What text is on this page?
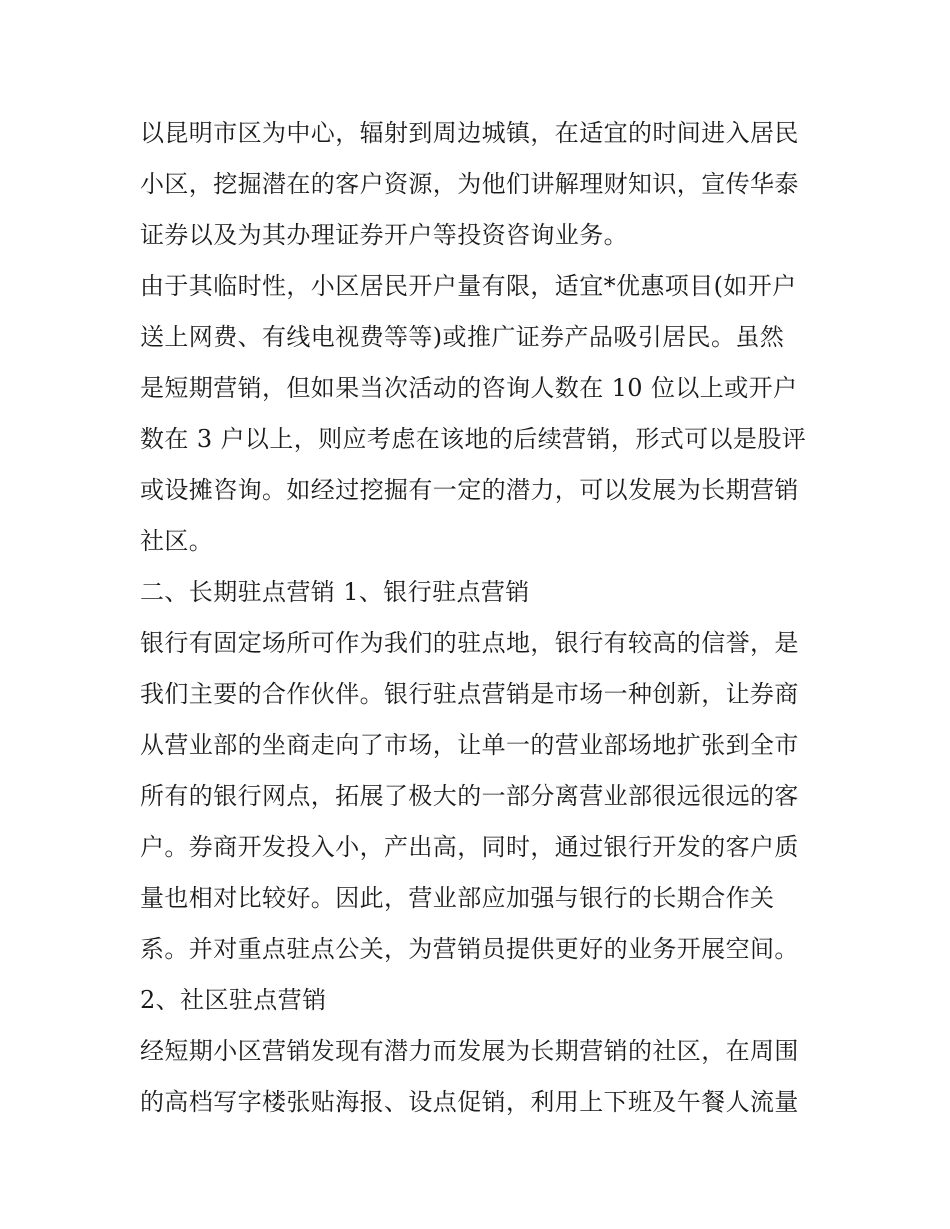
以昆明市区为中心，辐射到周边城镇，在适宜的时间进入居民
小区，挖掘潜在的客户资源，为他们讲解理财知识，宣传华泰
证券以及为其办理证券开户等投资咨询业务。
由于其临时性，小区居民开户量有限，适宜*优惠项目(如开户
送上网费、有线电视费等等)或推广证券产品吸引居民。虽然
是短期营销，但如果当次活动的咨询人数在 10 位以上或开户
数在 3 户以上，则应考虑在该地的后续营销，形式可以是股评
或设摊咨询。如经过挖掘有一定的潜力，可以发展为长期营销
社区。
二、长期驻点营销 1、银行驻点营销
银行有固定场所可作为我们的驻点地，银行有较高的信誉，是
我们主要的合作伙伴。银行驻点营销是市场一种创新，让券商
从营业部的坐商走向了市场，让单一的营业部场地扩张到全市
所有的银行网点，拓展了极大的一部分离营业部很远很远的客
户。券商开发投入小，产出高，同时，通过银行开发的客户质
量也相对比较好。因此，营业部应加强与银行的长期合作关
系。并对重点驻点公关，为营销员提供更好的业务开展空间。
2、社区驻点营销
经短期小区营销发现有潜力而发展为长期营销的社区，在周围
的高档写字楼张贴海报、设点促销，利用上下班及午餐人流量
